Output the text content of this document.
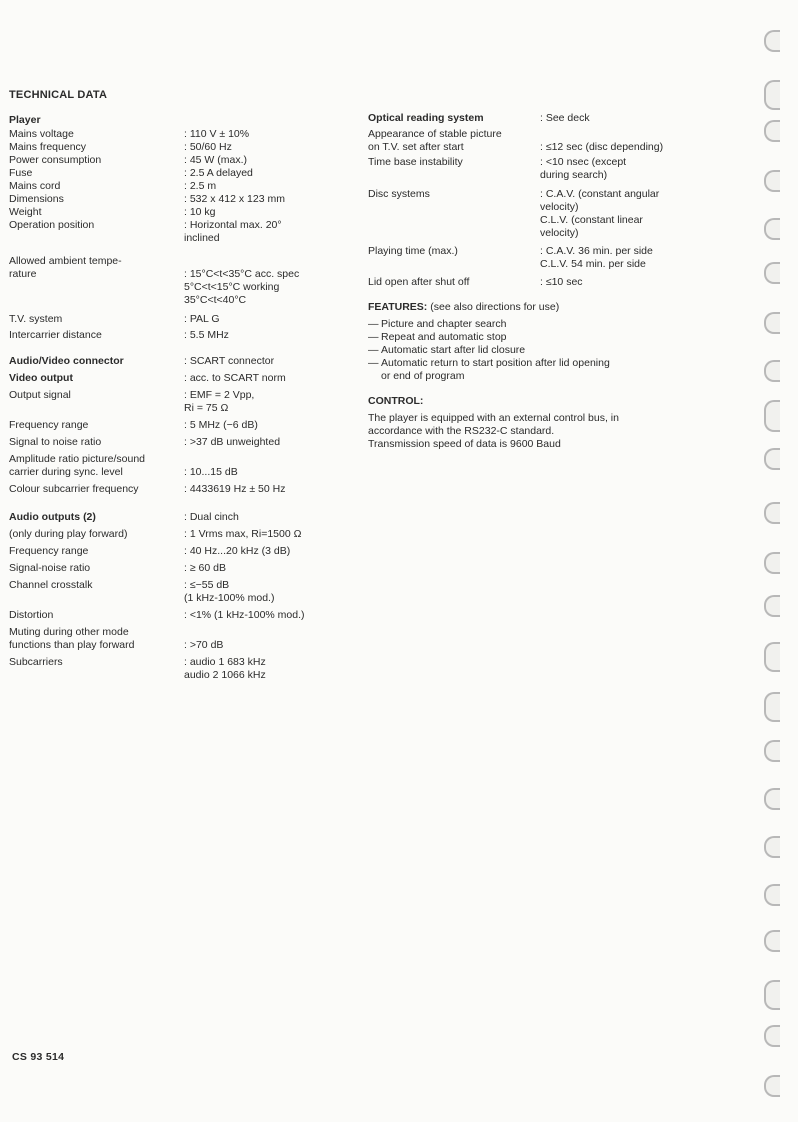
TECHNICAL DATA
Player
Mains voltage	: 110 V ± 10%
Mains frequency	: 50/60 Hz
Power consumption	: 45 W (max.)
Fuse	: 2.5 A delayed
Mains cord	: 2.5 m
Dimensions	: 532 x 412 x 123 mm
Weight	: 10 kg
Operation position	: Horizontal max. 20°
inclined
Allowed ambient tempe-
rature	: 15°C<t<35°C acc. spec
5°C<t<15°C working
35°C<t<40°C
T.V. system	: PAL G
Intercarrier distance	: 5.5 MHz
Audio/Video connector	: SCART connector
Video output	: acc. to SCART norm
Output signal	: EMF = 2 Vpp,
Ri = 75 Ω
Frequency range	: 5 MHz (−6 dB)
Signal to noise ratio	: >37 dB unweighted
Amplitude ratio picture/sound
carrier during sync. level	
: 10...15 dB
Colour subcarrier frequency	: 4433619 Hz ± 50 Hz
Audio outputs (2)	: Dual cinch
(only during play forward)	: 1 Vrms max, Ri=1500 Ω
Frequency range	: 40 Hz...20 kHz (3 dB)
Signal-noise ratio	: ≥ 60 dB
Channel crosstalk	: ≤−55 dB
(1 kHz-100% mod.)
Distortion	: <1% (1 kHz-100% mod.)
Muting during other mode
functions than play forward	
: >70 dB
Subcarriers	: audio 1 683 kHz
audio 2 1066 kHz
Optical reading system	: See deck
Appearance of stable picture
on T.V. set after start	
: ≤12 sec (disc depending)
Time base instability	: <10 nsec (except
during search)
Disc systems	: C.A.V. (constant angular
velocity)
C.L.V. (constant linear
velocity)
Playing time (max.)	: C.A.V. 36 min. per side
C.L.V. 54 min. per side
Lid open after shut off	: ≤10 sec
FEATURES: (see also directions for use)
— Picture and chapter search
— Repeat and automatic stop
— Automatic start after lid closure
— Automatic return to start position after lid opening
or end of program
CONTROL:
The player is equipped with an external control bus, in
accordance with the RS232-C standard.
Transmission speed of data is 9600 Baud
CS 93 514
